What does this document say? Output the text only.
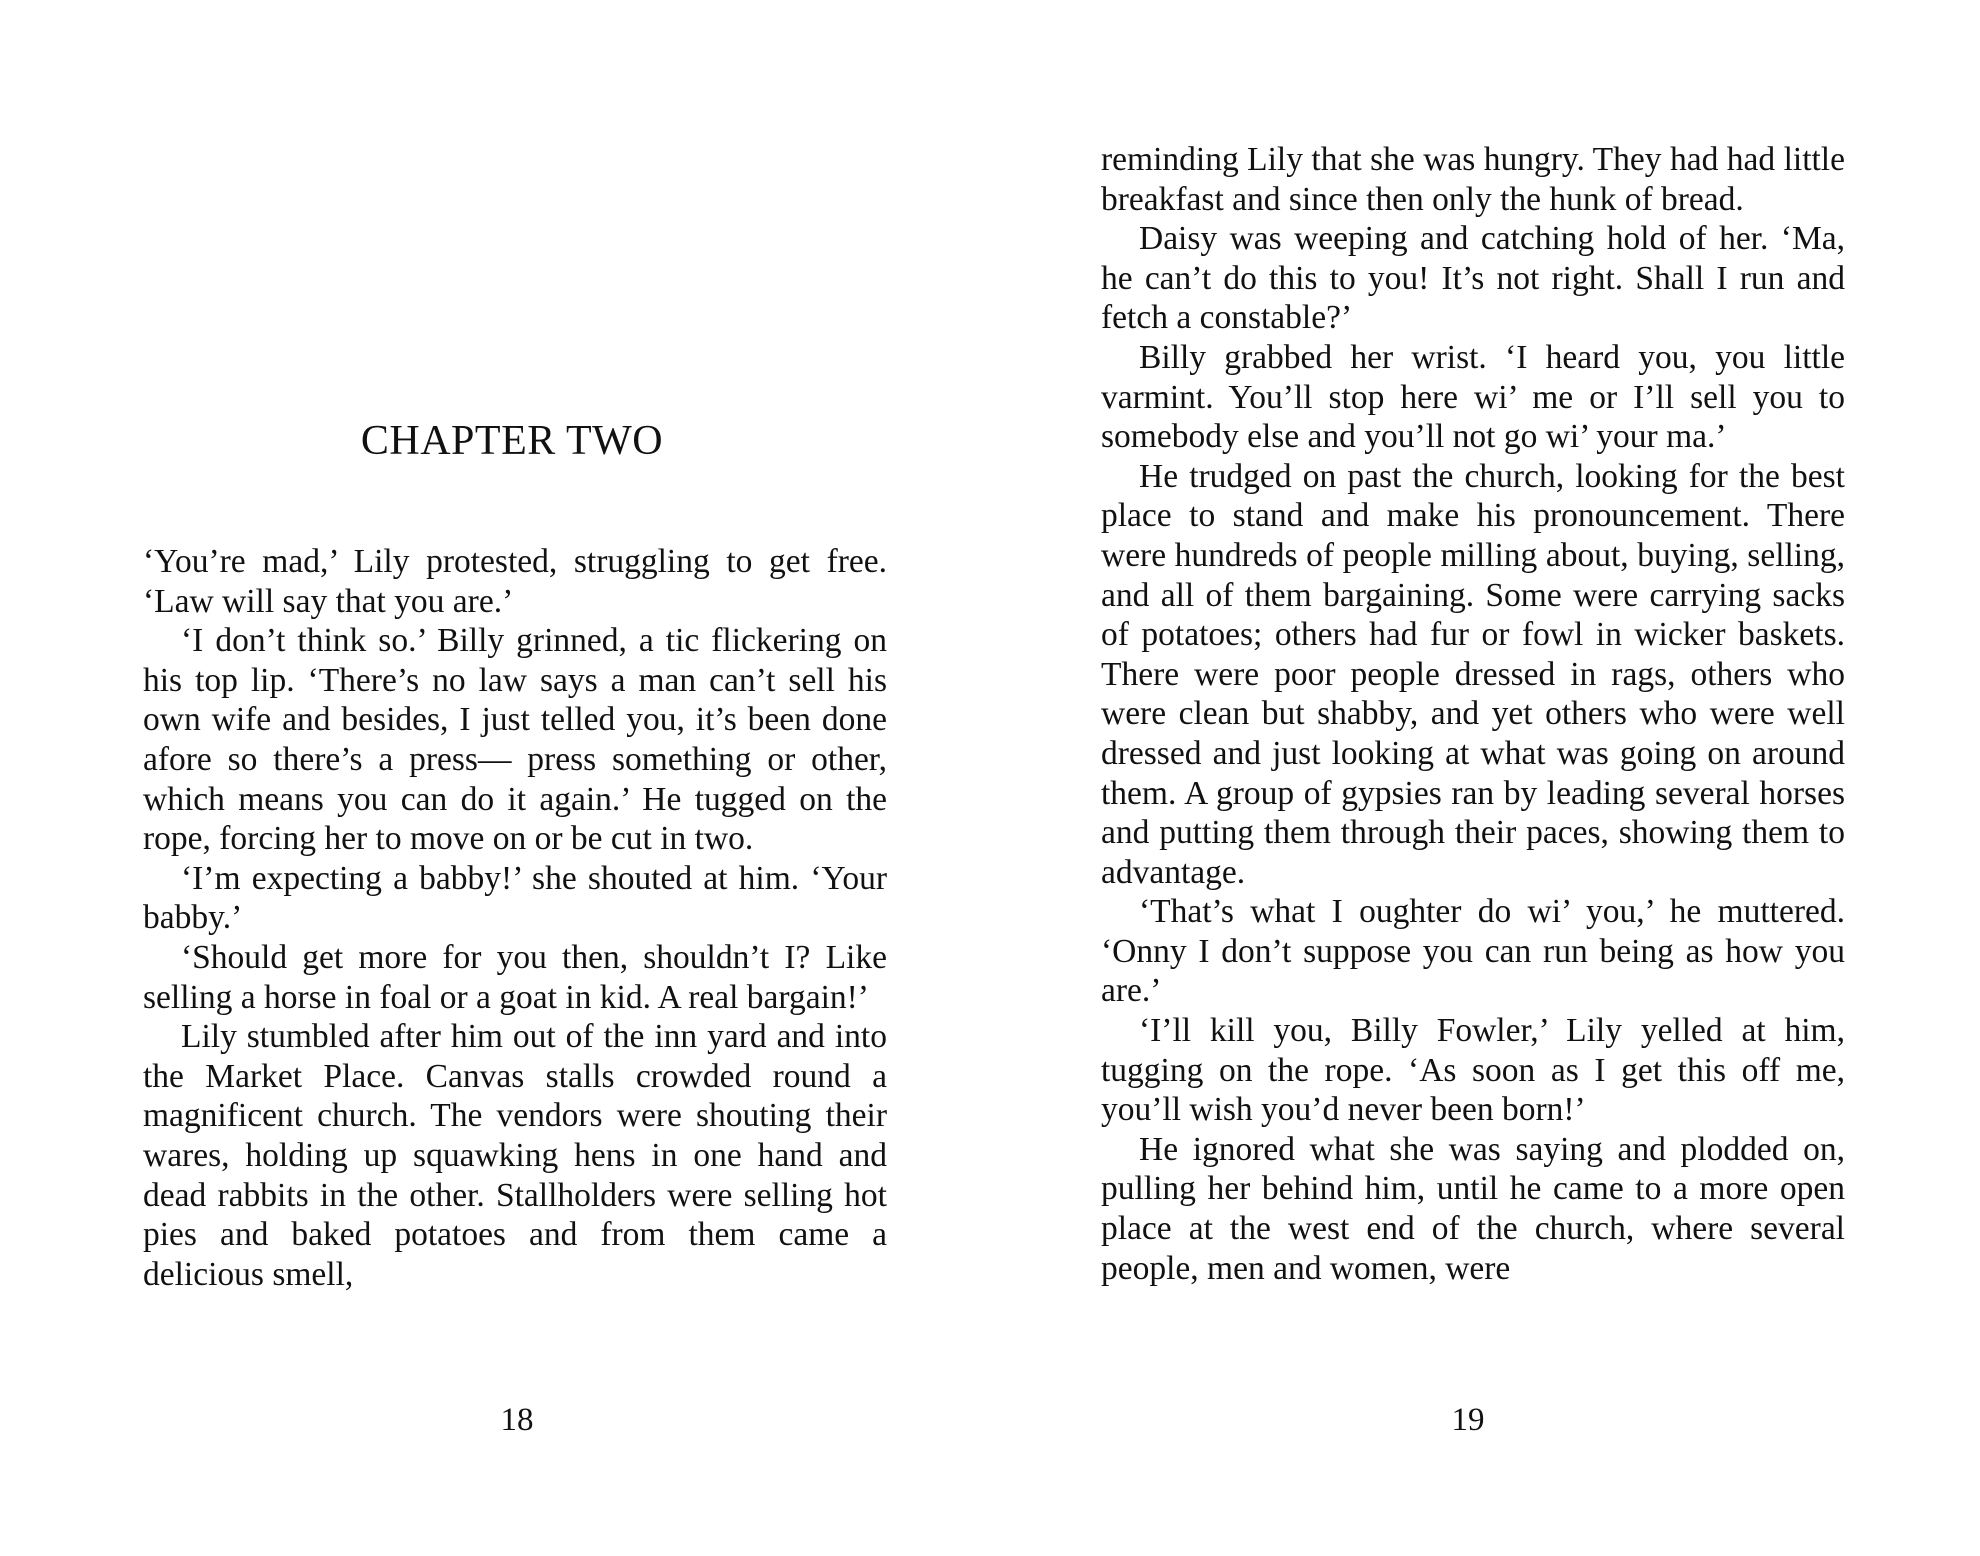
CHAPTER TWO

‘You’re mad,’ Lily protested, struggling to get free. ‘Law will say that you are.’

‘I don’t think so.’ Billy grinned, a tic flickering on his top lip. ‘There’s no law says a man can’t sell his own wife and besides, I just telled you, it’s been done afore so there’s a press— press something or other, which means you can do it again.’ He tugged on the rope, forcing her to move on or be cut in two.

‘I’m expecting a babby!’ she shouted at him. ‘Your babby.’

‘Should get more for you then, shouldn’t I? Like selling a horse in foal or a goat in kid. A real bargain!’

Lily stumbled after him out of the inn yard and into the Market Place. Canvas stalls crowded round a magnificent church. The vendors were shouting their wares, holding up squawking hens in one hand and dead rabbits in the other. Stallholders were selling hot pies and baked potatoes and from them came a delicious smell,

18

reminding Lily that she was hungry. They had had little breakfast and since then only the hunk of bread.

Daisy was weeping and catching hold of her. ‘Ma, he can’t do this to you! It’s not right. Shall I run and fetch a constable?’

Billy grabbed her wrist. ‘I heard you, you little varmint. You’ll stop here wi’ me or I’ll sell you to somebody else and you’ll not go wi’ your ma.’

He trudged on past the church, looking for the best place to stand and make his pronouncement. There were hundreds of people milling about, buying, selling, and all of them bargaining. Some were carrying sacks of potatoes; others had fur or fowl in wicker baskets. There were poor people dressed in rags, others who were clean but shabby, and yet others who were well dressed and just looking at what was going on around them. A group of gypsies ran by leading several horses and putting them through their paces, showing them to advantage.

‘That’s what I oughter do wi’ you,’ he muttered. ‘Onny I don’t suppose you can run being as how you are.’

‘I’ll kill you, Billy Fowler,’ Lily yelled at him, tugging on the rope. ‘As soon as I get this off me, you’ll wish you’d never been born!’

He ignored what she was saying and plodded on, pulling her behind him, until he came to a more open place at the west end of the church, where several people, men and women, were

19
